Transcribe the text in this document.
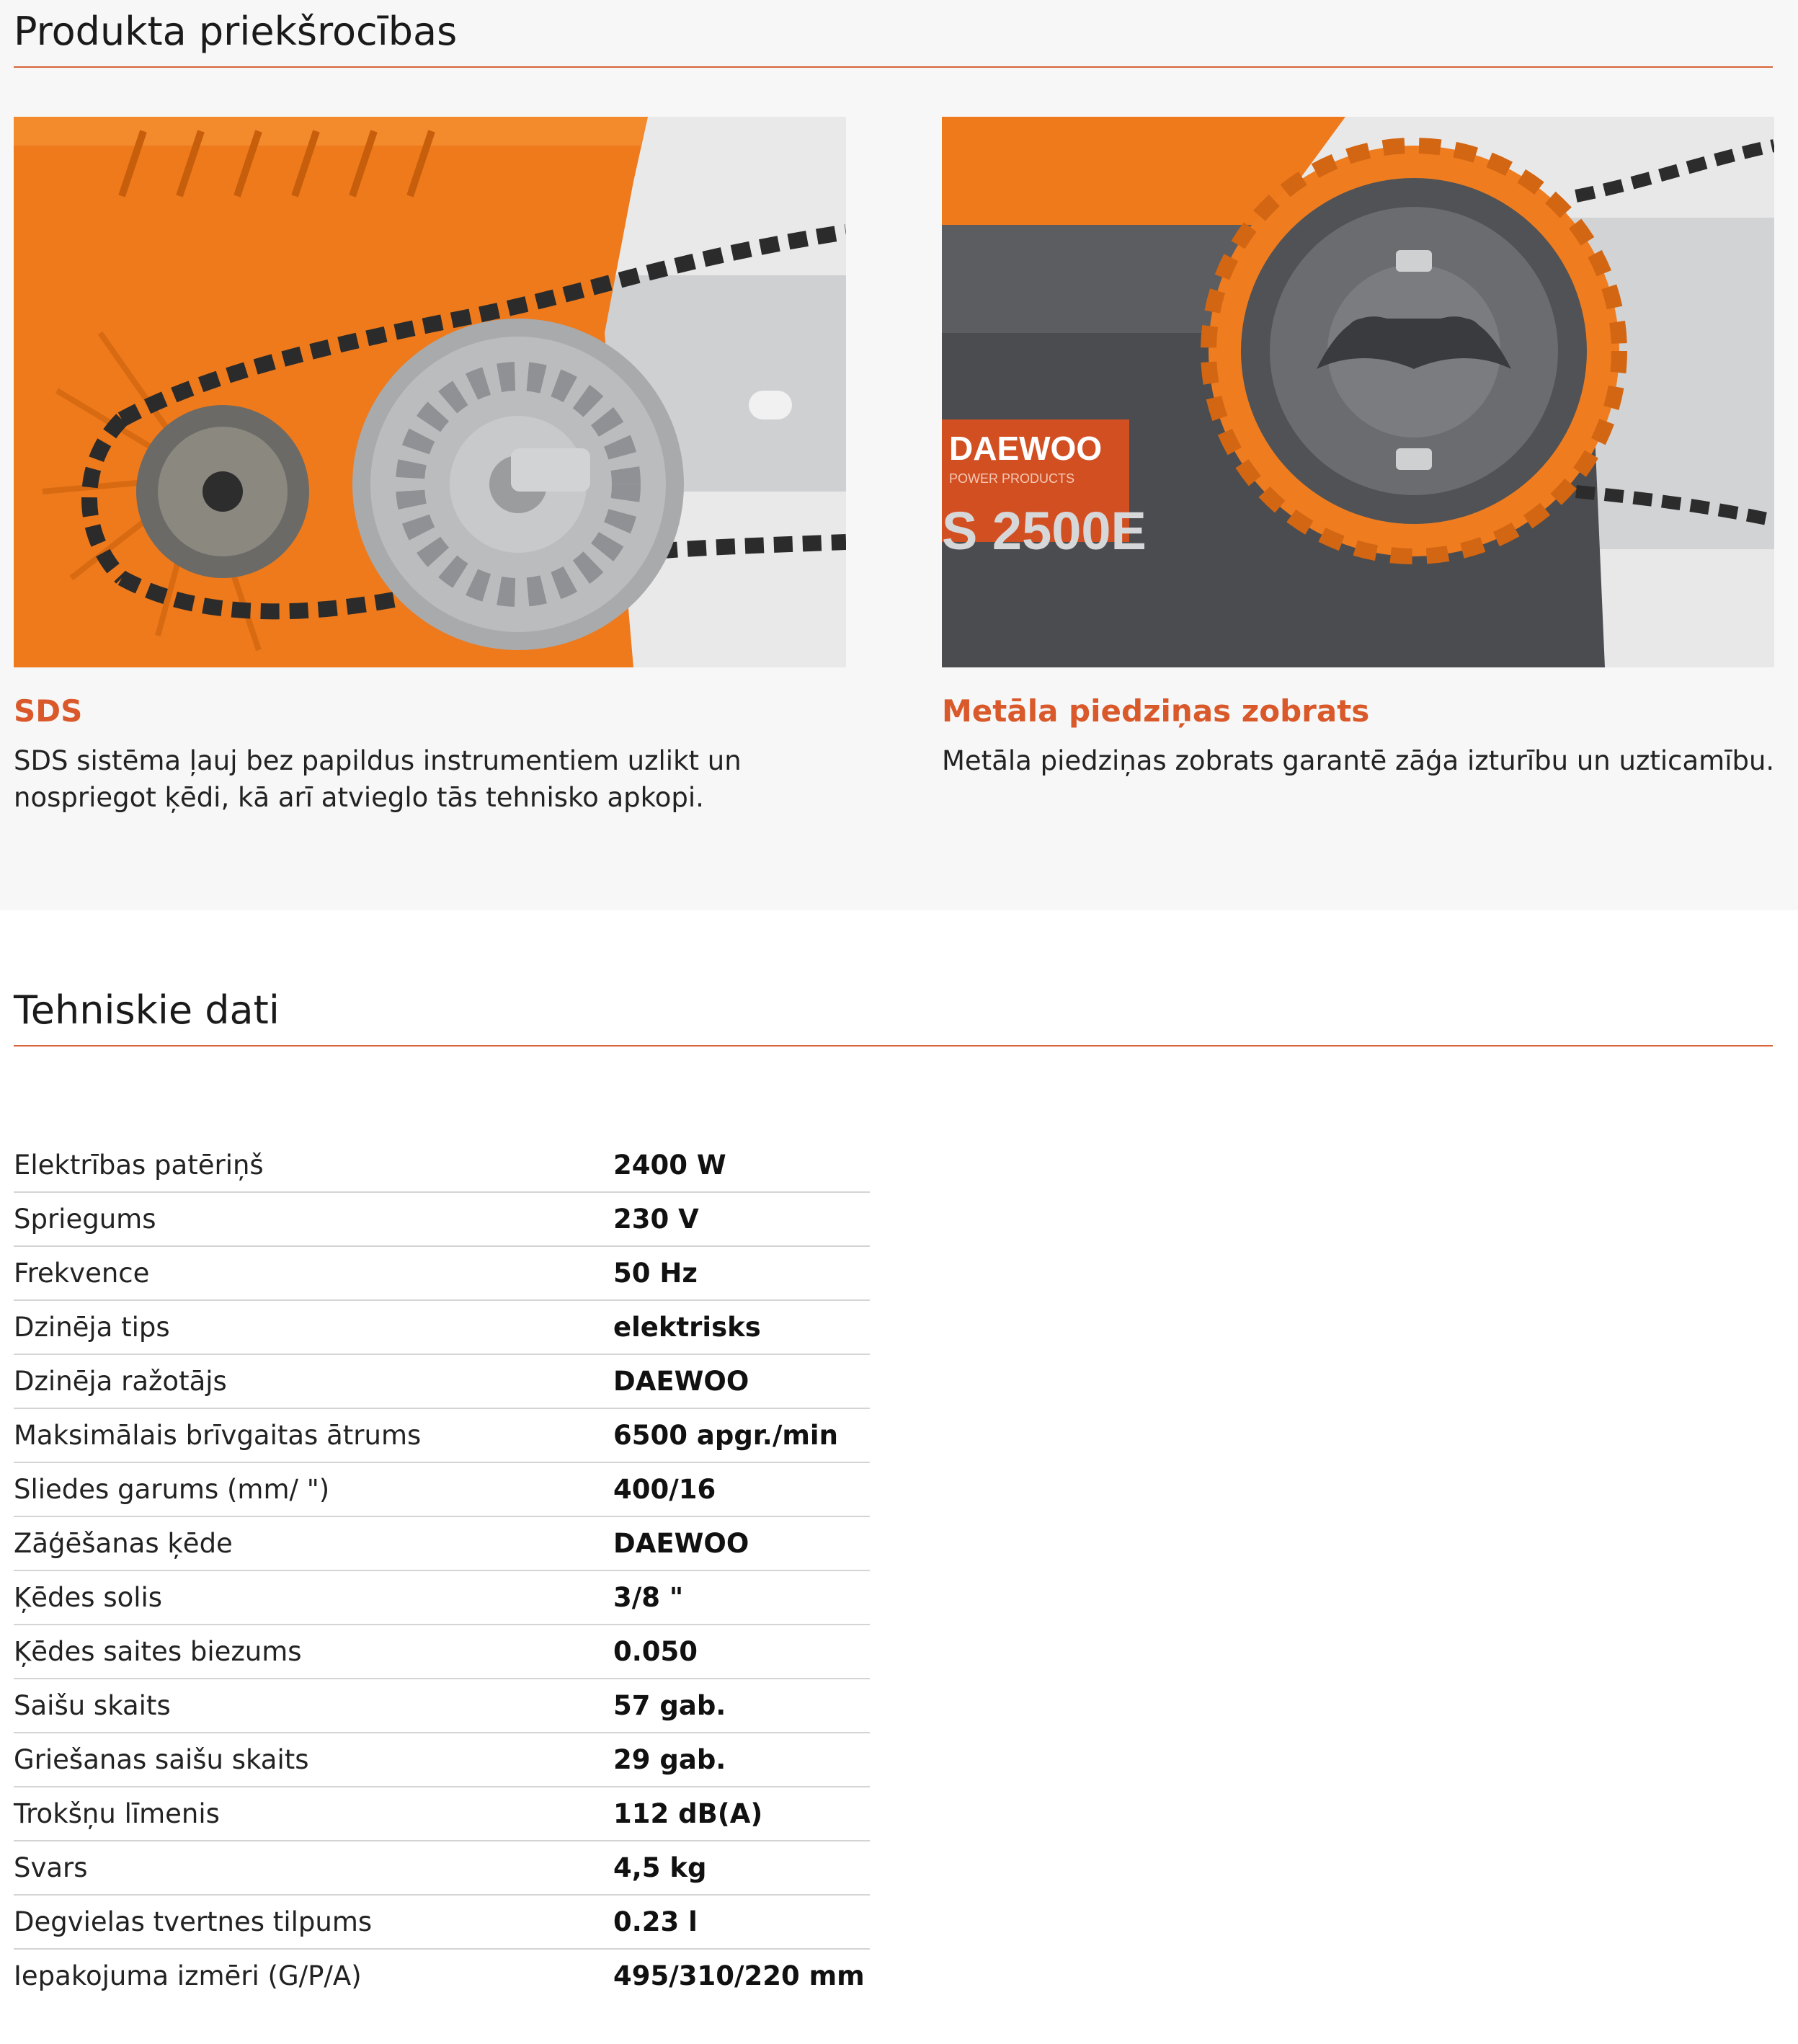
Produkta priekšrocības
DAEWOO
POWER PRODUCTS
S 2500E
SDS

SDS sistēma ļauj bez papildus instrumentiem uzlikt un nospriegot ķēdi, kā arī atvieglo tās tehnisko apkopi.

Metāla piedziņas zobrats

Metāla piedziņas zobrats garantē zāģa izturību un uzticamību.

Tehniskie dati
Elektrības patēriņš	2400 W
Spriegums	230 V
Frekvence	50 Hz
Dzinēja tips	elektrisks
Dzinēja ražotājs	DAEWOO
Maksimālais brīvgaitas ātrums	6500 apgr./min
Sliedes garums (mm/ ")	400/16
Zāģēšanas ķēde	DAEWOO
Ķēdes solis	3/8 "
Ķēdes saites biezums	0.050
Saišu skaits	57 gab.
Griešanas saišu skaits	29 gab.
Trokšņu līmenis	112 dB(A)
Svars	4,5 kg
Degvielas tvertnes tilpums	0.23 l
Iepakojuma izmēri (G/P/A)	495/310/220 mm
